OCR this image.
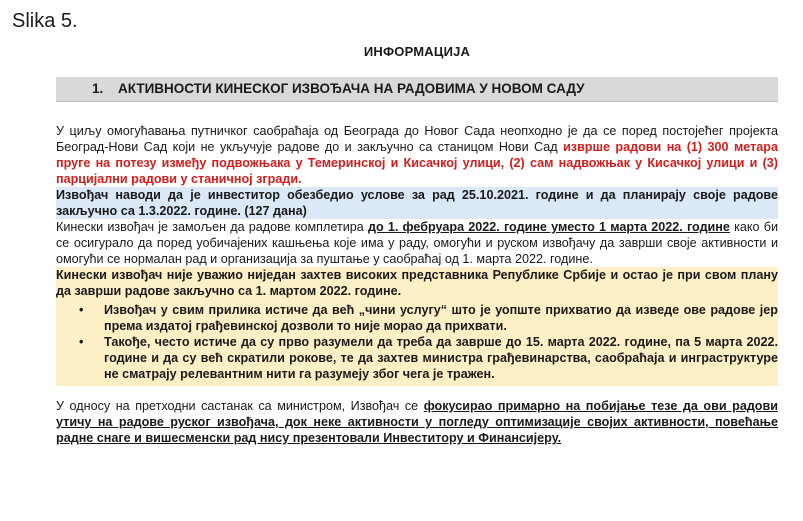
Slika 5.
ИНФОРМАЦИЈА
1. АКТИВНОСТИ КИНЕСКОГ ИЗВОЂАЧА НА РАДОВИМА У НОВОМ САДУ

У циљу омогућавања путничког саобраћаја од Београда до Новог Сада неопходно је да се поред постојећег пројекта Београд-Нови Сад који не укључује радове до и закључно са станицом Нови Сад изврше радови на (1) 300 метара пруге на потезу између подвожњака у Темеринској и Кисачкој улици, (2) сам надвожњак у Кисачкој улици и (3) парцијални радови у станичној згради.

Извођач наводи да је инвеститор обезбедио услове за рад 25.10.2021. године и да планирају своје радове закључно са 1.3.2022. године. (127 дана)

Кинески извођач је замољен да радове комплетира до 1. фебруара 2022. године уместо 1 марта 2022. године како би се осигурало да поред уобичајених кашњења које има у раду, омогући и руском извођачу да заврши своје активности и омогући се нормалан рад и организација за пуштање у саобраћај од 1. марта 2022. године.

Кинески извођач није уважио ниједан захтев високих представника Републике Србије и остао је при свом плану да заврши радове закључно са 1. мартом 2022. године.

• Извођач у свим прилика истиче да већ „чини услугу“ што је уопште прихватио да изведе ове радове јер према издатој грађевинској дозволи то није морао да прихвати.
• Такође, често истиче да су прво разумели да треба да заврше до 15. марта 2022. године, па 5 марта 2022. године и да су већ скратили рокове, те да захтев министра грађевинарства, саобраћаја и инграструктуре не сматрају релевантним нити га разумеју због чега је тражен.

У односу на претходни састанак са министром, Извођач се фокусирао примарно на побијање тезе да ови радови утичу на радове руског извођача, док неке активности у погледу оптимизације својих активности, повећање радне снаге и вишесменски рад нису презентовали Инвеститору и Финансијеру.
